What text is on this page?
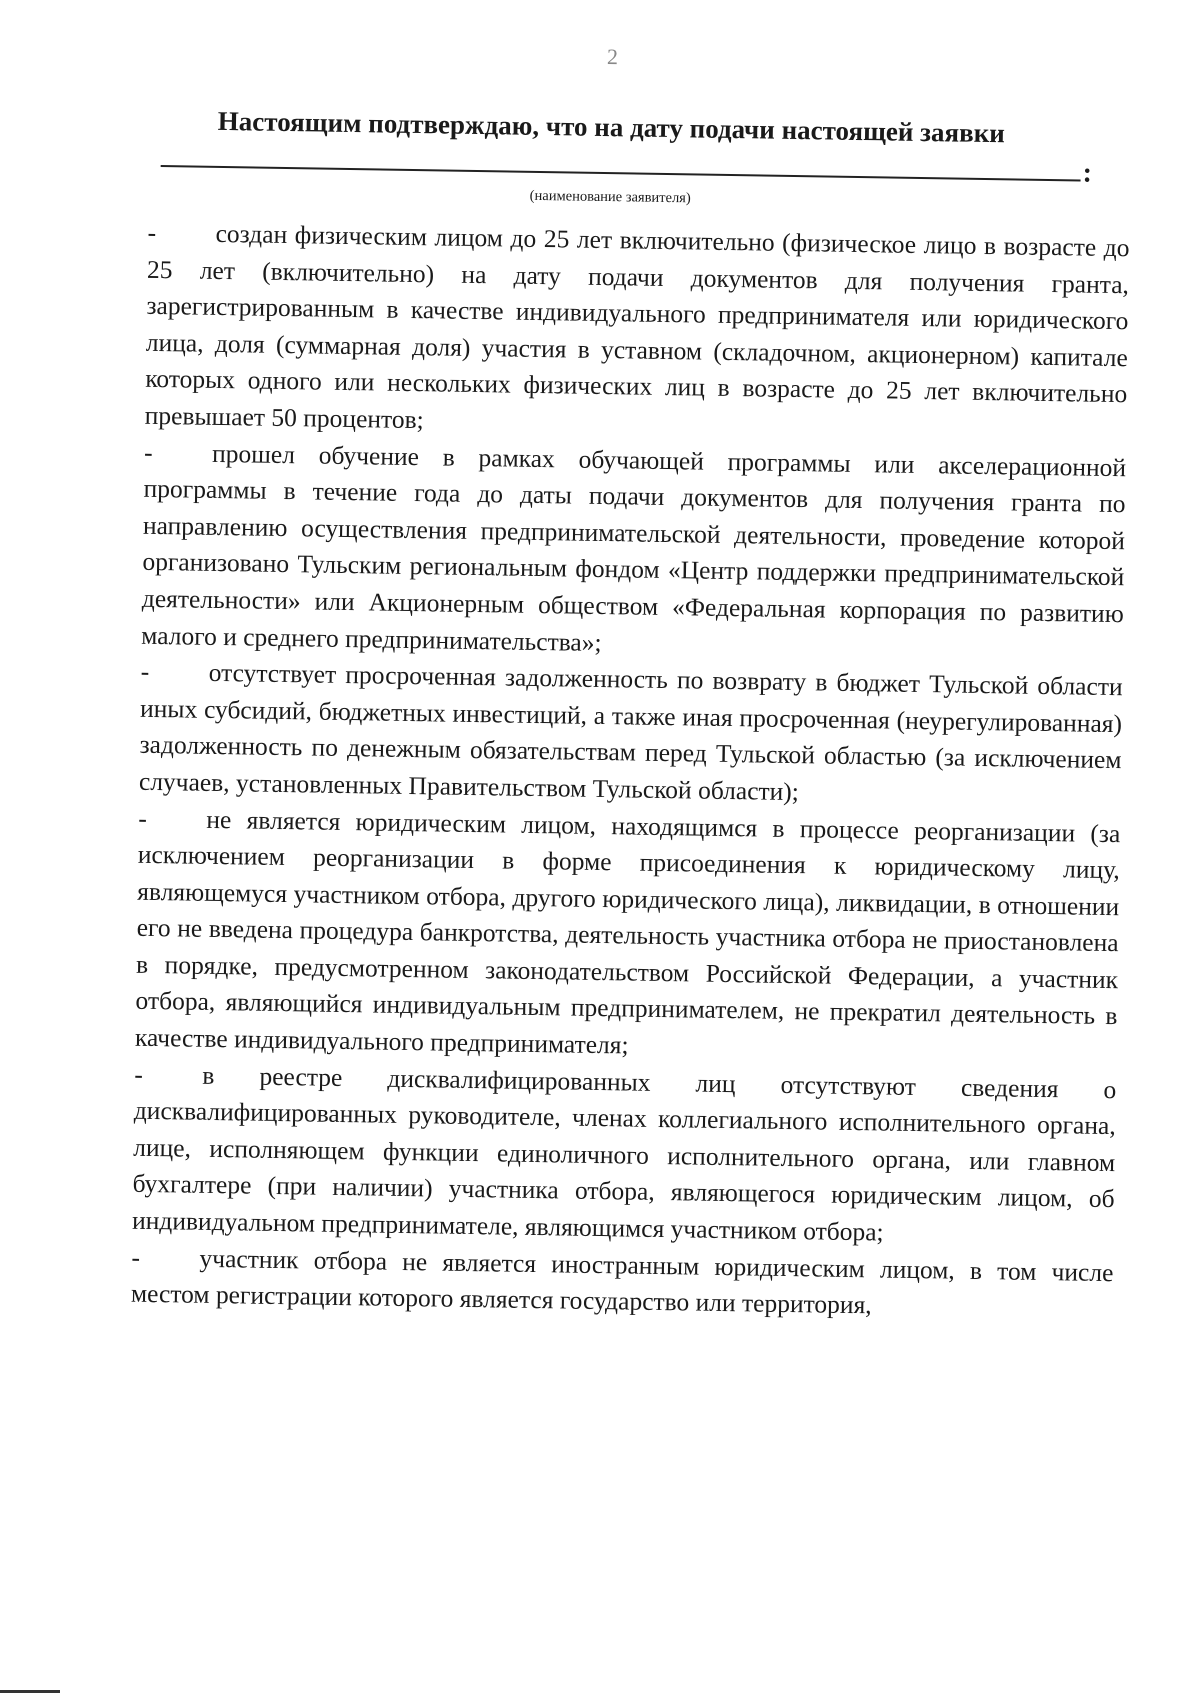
2
Настоящим подтверждаю, что на дату подачи настоящей заявки
:
(наименование заявителя)

-	создан физическим лицом до 25 лет включительно (физическое лицо в возрасте до 25 лет (включительно) на дату подачи документов для получения гранта, зарегистрированным в качестве индивидуального предпринимателя или юридического лица, доля (суммарная доля) участия в уставном (складочном, акционерном) капитале которых одного или нескольких физических лиц в возрасте до 25 лет включительно превышает 50 процентов;

-	прошел обучение в рамках обучающей программы или акселерационной программы в течение года до даты подачи документов для получения гранта по направлению осуществления предпринимательской деятельности, проведение которой организовано Тульским региональным фондом «Центр поддержки предпринимательской деятельности» или Акционерным обществом «Федеральная корпорация по развитию малого и среднего предпринимательства»;

-	отсутствует просроченная задолженность по возврату в бюджет Тульской области иных субсидий, бюджетных инвестиций, а также иная просроченная (неурегулированная) задолженность по денежным обязательствам перед Тульской областью (за исключением случаев, установленных Правительством Тульской области);

-	не является юридическим лицом, находящимся в процессе реорганизации (за исключением реорганизации в форме присоединения к юридическому лицу, являющемуся участником отбора, другого юридического лица), ликвидации, в отношении его не введена процедура банкротства, деятельность участника отбора не приостановлена в порядке, предусмотренном законодательством Российской Федерации, а участник отбора, являющийся индивидуальным предпринимателем, не прекратил деятельность в качестве индивидуального предпринимателя;

-	в реестре дисквалифицированных лиц отсутствуют сведения о дисквалифицированных руководителе, членах коллегиального исполнительного органа, лице, исполняющем функции единоличного исполнительного органа, или главном бухгалтере (при наличии) участника отбора, являющегося юридическим лицом, об индивидуальном предпринимателе, являющимся участником отбора;

-	участник отбора не является иностранным юридическим лицом, в том числе местом регистрации которого является государство или территория,
